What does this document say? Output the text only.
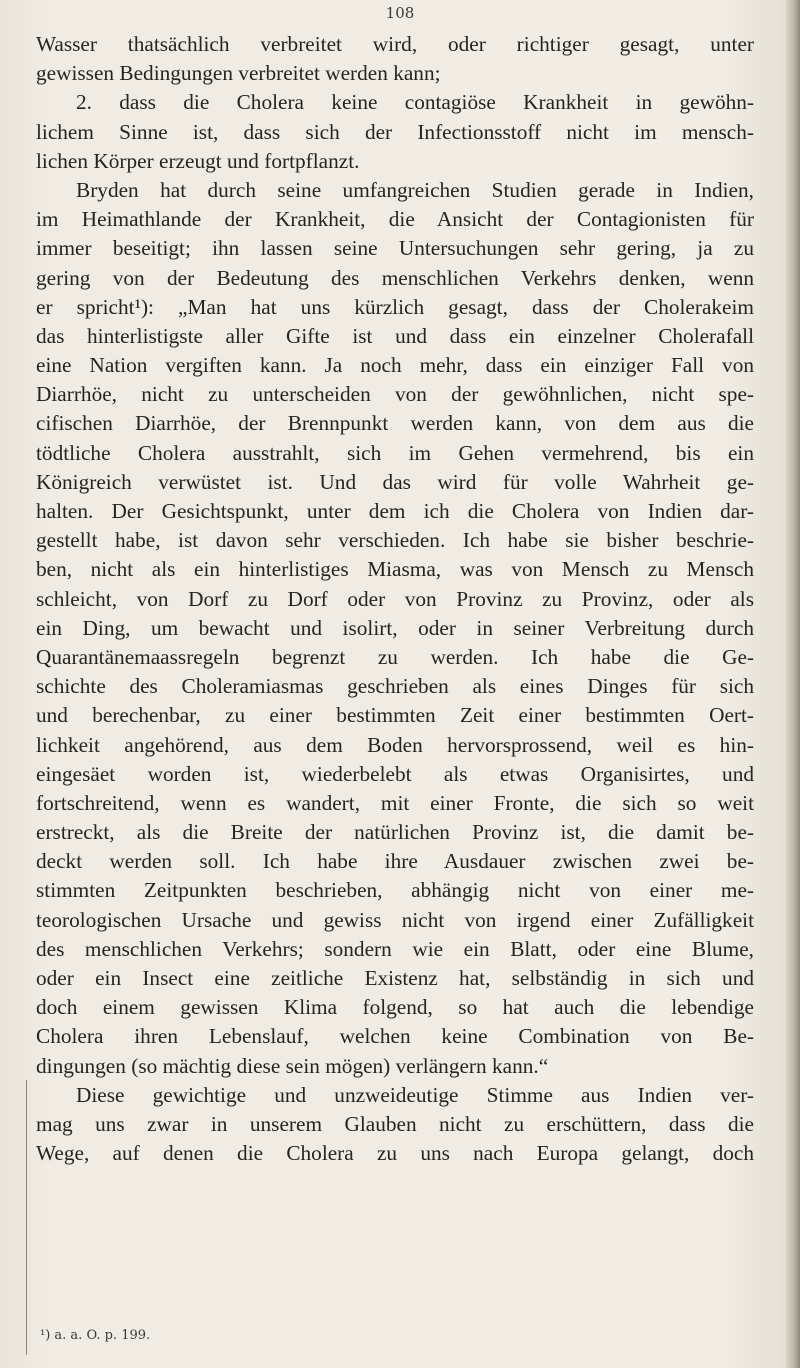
108
Wasser thatsächlich verbreitet wird, oder richtiger gesagt, unter
gewissen Bedingungen verbreitet werden kann;
2. dass die Cholera keine contagiöse Krankheit in gewöhn-
lichem Sinne ist, dass sich der Infectionsstoff nicht im mensch-
lichen Körper erzeugt und fortpflanzt.
Bryden hat durch seine umfangreichen Studien gerade in Indien,
im Heimathlande der Krankheit, die Ansicht der Contagionisten für
immer beseitigt; ihn lassen seine Untersuchungen sehr gering, ja zu
gering von der Bedeutung des menschlichen Verkehrs denken, wenn
er spricht¹): „Man hat uns kürzlich gesagt, dass der Cholerakeim
das hinterlistigste aller Gifte ist und dass ein einzelner Cholerafall
eine Nation vergiften kann. Ja noch mehr, dass ein einziger Fall von
Diarrhöe, nicht zu unterscheiden von der gewöhnlichen, nicht spe-
cifischen Diarrhöe, der Brennpunkt werden kann, von dem aus die
tödtliche Cholera ausstrahlt, sich im Gehen vermehrend, bis ein
Königreich verwüstet ist. Und das wird für volle Wahrheit ge-
halten. Der Gesichtspunkt, unter dem ich die Cholera von Indien dar-
gestellt habe, ist davon sehr verschieden. Ich habe sie bisher beschrie-
ben, nicht als ein hinterlistiges Miasma, was von Mensch zu Mensch
schleicht, von Dorf zu Dorf oder von Provinz zu Provinz, oder als
ein Ding, um bewacht und isolirt, oder in seiner Verbreitung durch
Quarantänemaassregeln begrenzt zu werden. Ich habe die Ge-
schichte des Choleramiasmas geschrieben als eines Dinges für sich
und berechenbar, zu einer bestimmten Zeit einer bestimmten Oert-
lichkeit angehörend, aus dem Boden hervorsprossend, weil es hin-
eingesäet worden ist, wiederbelebt als etwas Organisirtes, und
fortschreitend, wenn es wandert, mit einer Fronte, die sich so weit
erstreckt, als die Breite der natürlichen Provinz ist, die damit be-
deckt werden soll. Ich habe ihre Ausdauer zwischen zwei be-
stimmten Zeitpunkten beschrieben, abhängig nicht von einer me-
teorologischen Ursache und gewiss nicht von irgend einer Zufälligkeit
des menschlichen Verkehrs; sondern wie ein Blatt, oder eine Blume,
oder ein Insect eine zeitliche Existenz hat, selbständig in sich und
doch einem gewissen Klima folgend, so hat auch die lebendige
Cholera ihren Lebenslauf, welchen keine Combination von Be-
dingungen (so mächtig diese sein mögen) verlängern kann.“
Diese gewichtige und unzweideutige Stimme aus Indien ver-
mag uns zwar in unserem Glauben nicht zu erschüttern, dass die
Wege, auf denen die Cholera zu uns nach Europa gelangt, doch
¹) a. a. O. p. 199.
